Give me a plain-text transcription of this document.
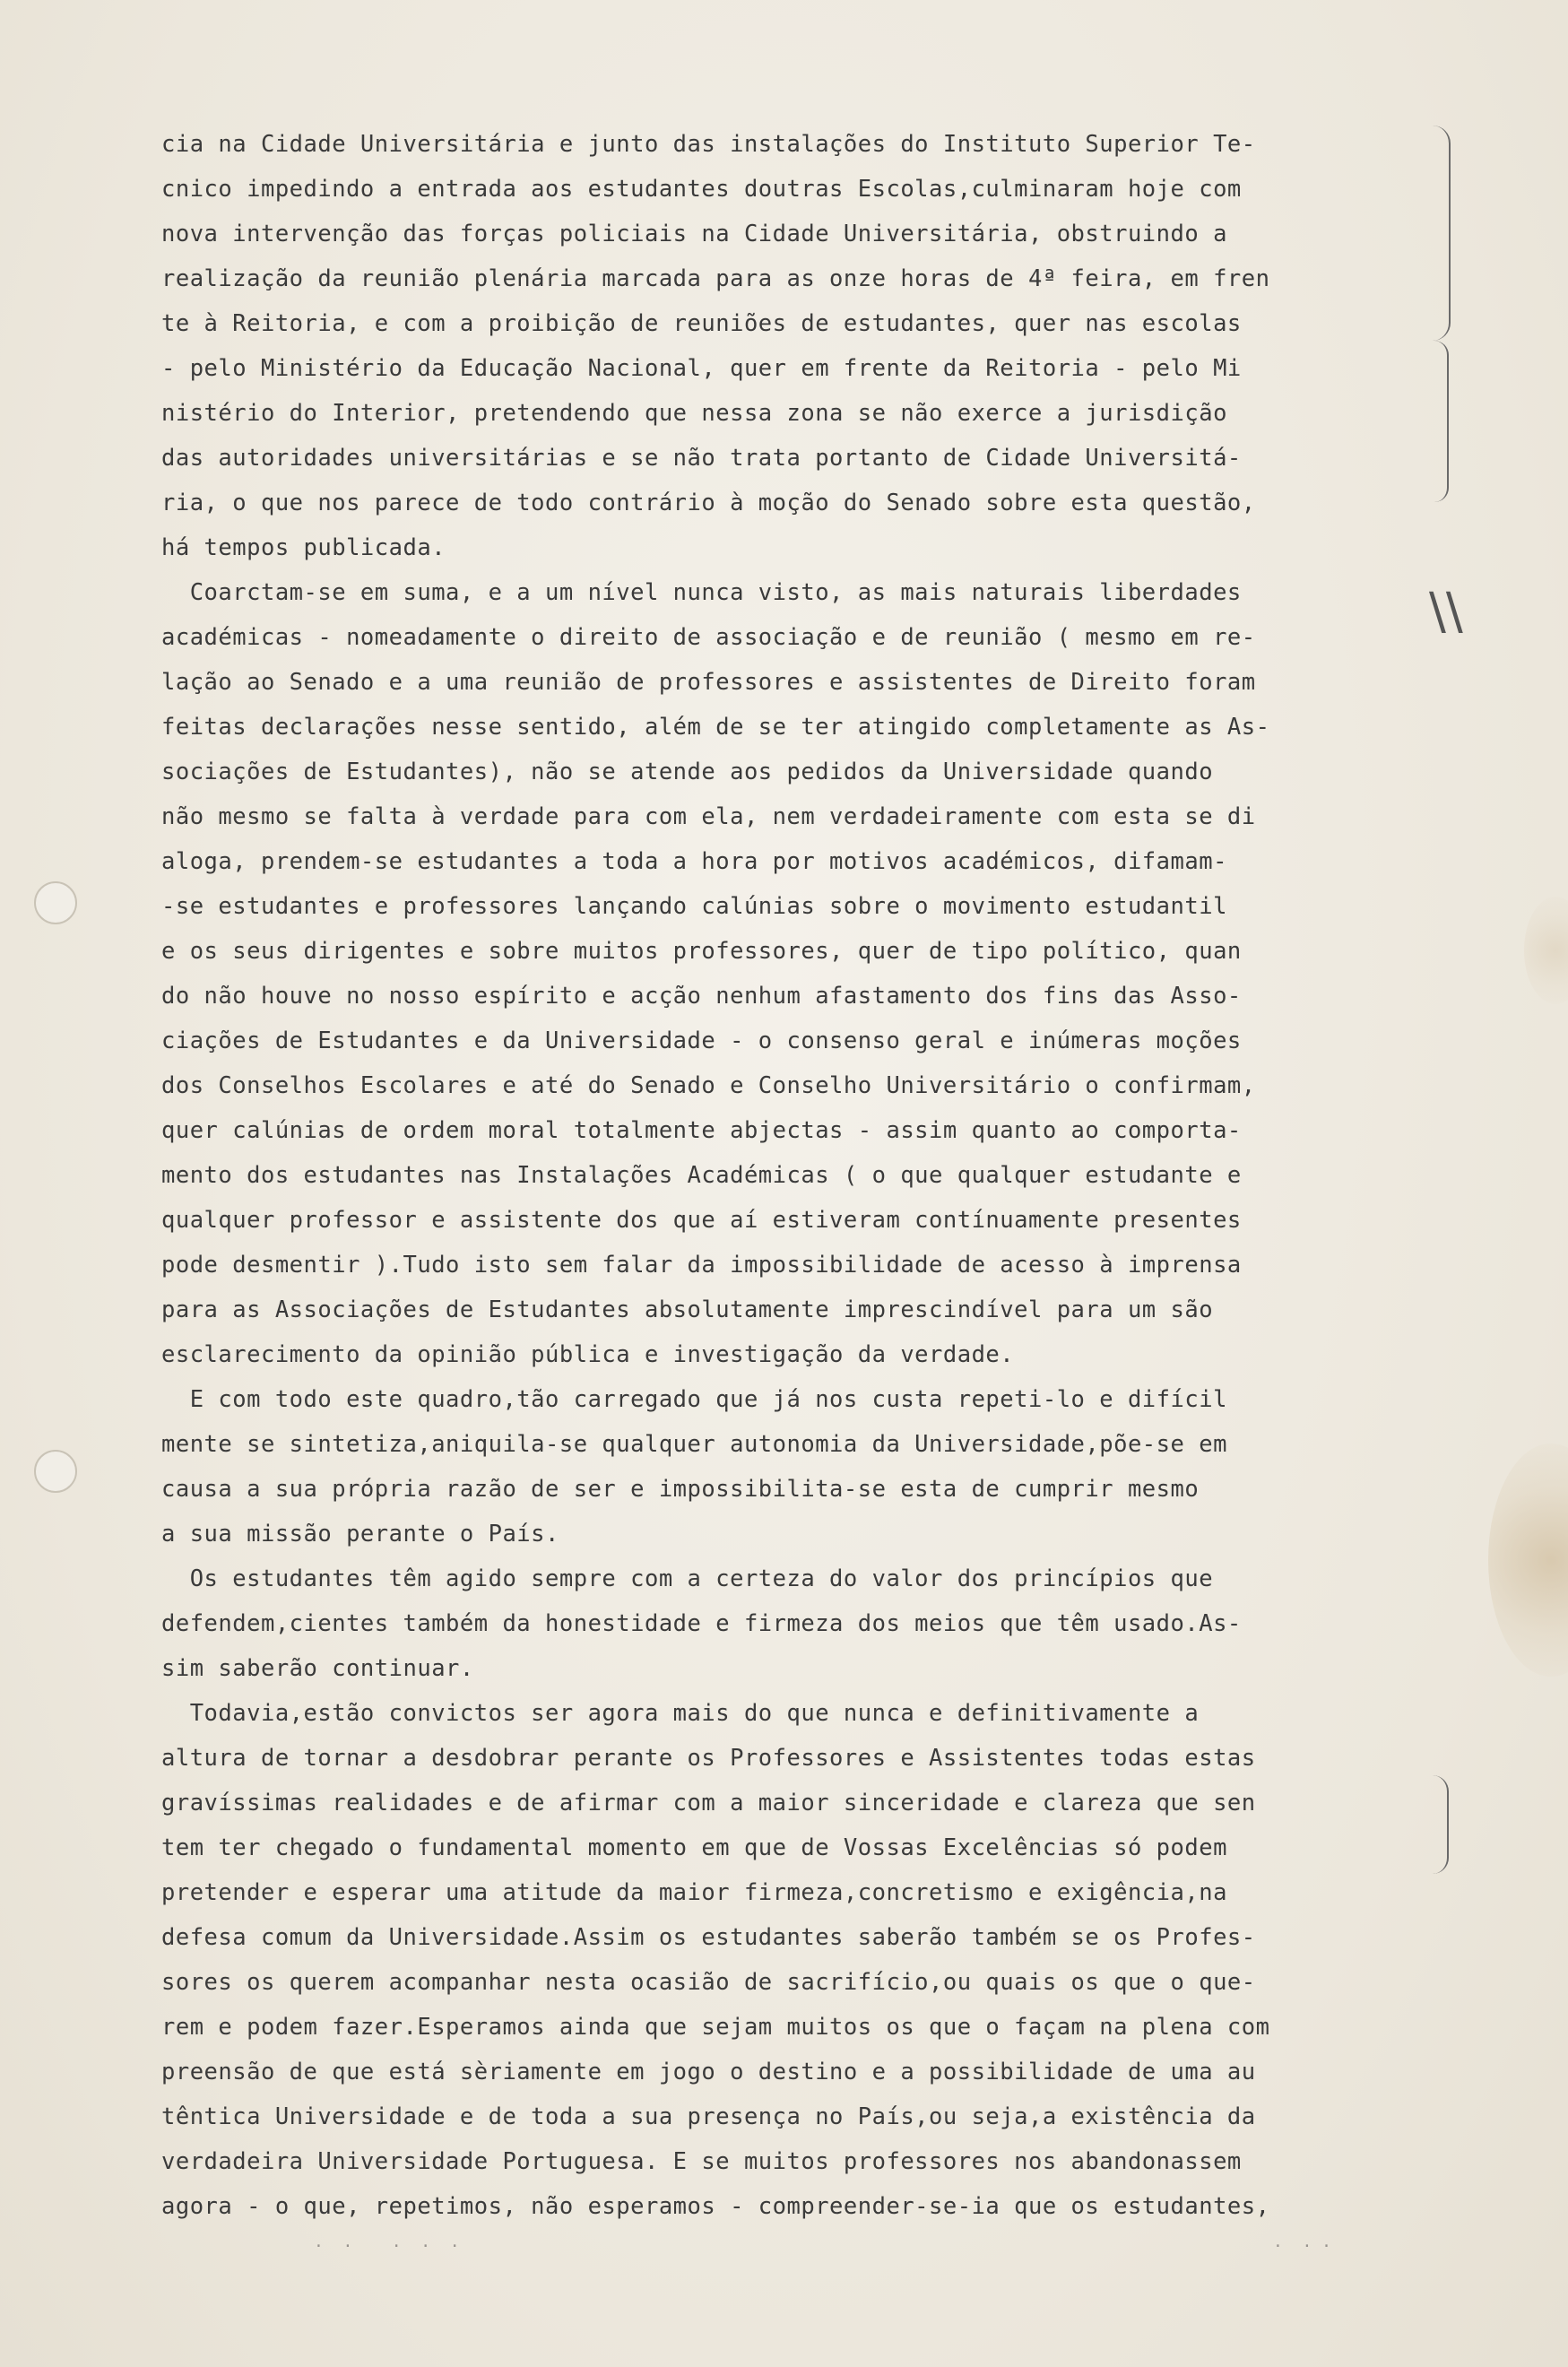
\\
·  ·    ·  ·  ·	·  · ·
cia na Cidade Universitária e junto das instalações do Instituto Superior Te-
cnico impedindo a entrada aos estudantes doutras Escolas,culminaram hoje com
nova intervenção das forças policiais na Cidade Universitária, obstruindo a
realização da reunião plenária marcada para as onze horas de 4ª feira, em fren
te à Reitoria, e com a proibição de reuniões de estudantes, quer nas escolas
- pelo Ministério da Educação Nacional, quer em frente da Reitoria - pelo Mi
nistério do Interior, pretendendo que nessa zona se não exerce a jurisdição
das autoridades universitárias e se não trata portanto de Cidade Universitá-
ria, o que nos parece de todo contrário à moção do Senado sobre esta questão,
há tempos publicada.
Coarctam-se em suma, e a um nível nunca visto, as mais naturais liberdades
académicas - nomeadamente o direito de associação e de reunião ( mesmo em re-
lação ao Senado e a uma reunião de professores e assistentes de Direito foram
feitas declarações nesse sentido, além de se ter atingido completamente as As-
sociações de Estudantes), não se atende aos pedidos da Universidade quando
não mesmo se falta à verdade para com ela, nem verdadeiramente com esta se di
aloga, prendem-se estudantes a toda a hora por motivos académicos, difamam-
-se estudantes e professores lançando calúnias sobre o movimento estudantil
e os seus dirigentes e sobre muitos professores, quer de tipo político, quan
do não houve no nosso espírito e acção nenhum afastamento dos fins das Asso-
ciações de Estudantes e da Universidade - o consenso geral e inúmeras moções
dos Conselhos Escolares e até do Senado e Conselho Universitário o confirmam,
quer calúnias de ordem moral totalmente abjectas - assim quanto ao comporta-
mento dos estudantes nas Instalações Académicas ( o que qualquer estudante e
qualquer professor e assistente dos que aí estiveram contínuamente presentes
pode desmentir ).Tudo isto sem falar da impossibilidade de acesso à imprensa
para as Associações de Estudantes absolutamente imprescindível para um são
esclarecimento da opinião pública e investigação da verdade.
E com todo este quadro,tão carregado que já nos custa repeti-lo e difícil
mente se sintetiza,aniquila-se qualquer autonomia da Universidade,põe-se em
causa a sua própria razão de ser e impossibilita-se esta de cumprir mesmo
a sua missão perante o País.
Os estudantes têm agido sempre com a certeza do valor dos princípios que
defendem,cientes também da honestidade e firmeza dos meios que têm usado.As-
sim saberão continuar.
Todavia,estão convictos ser agora mais do que nunca e definitivamente a
altura de tornar a desdobrar perante os Professores e Assistentes todas estas
gravíssimas realidades e de afirmar com a maior sinceridade e clareza que sen
tem ter chegado o fundamental momento em que de Vossas Excelências só podem
pretender e esperar uma atitude da maior firmeza,concretismo e exigência,na
defesa comum da Universidade.Assim os estudantes saberão também se os Profes-
sores os querem acompanhar nesta ocasião de sacrifício,ou quais os que o que-
rem e podem fazer.Esperamos ainda que sejam muitos os que o façam na plena com
preensão de que está sèriamente em jogo o destino e a possibilidade de uma au
têntica Universidade e de toda a sua presença no País,ou seja,a existência da
verdadeira Universidade Portuguesa. E se muitos professores nos abandonassem
agora - o que, repetimos, não esperamos - compreender-se-ia que os estudantes,
